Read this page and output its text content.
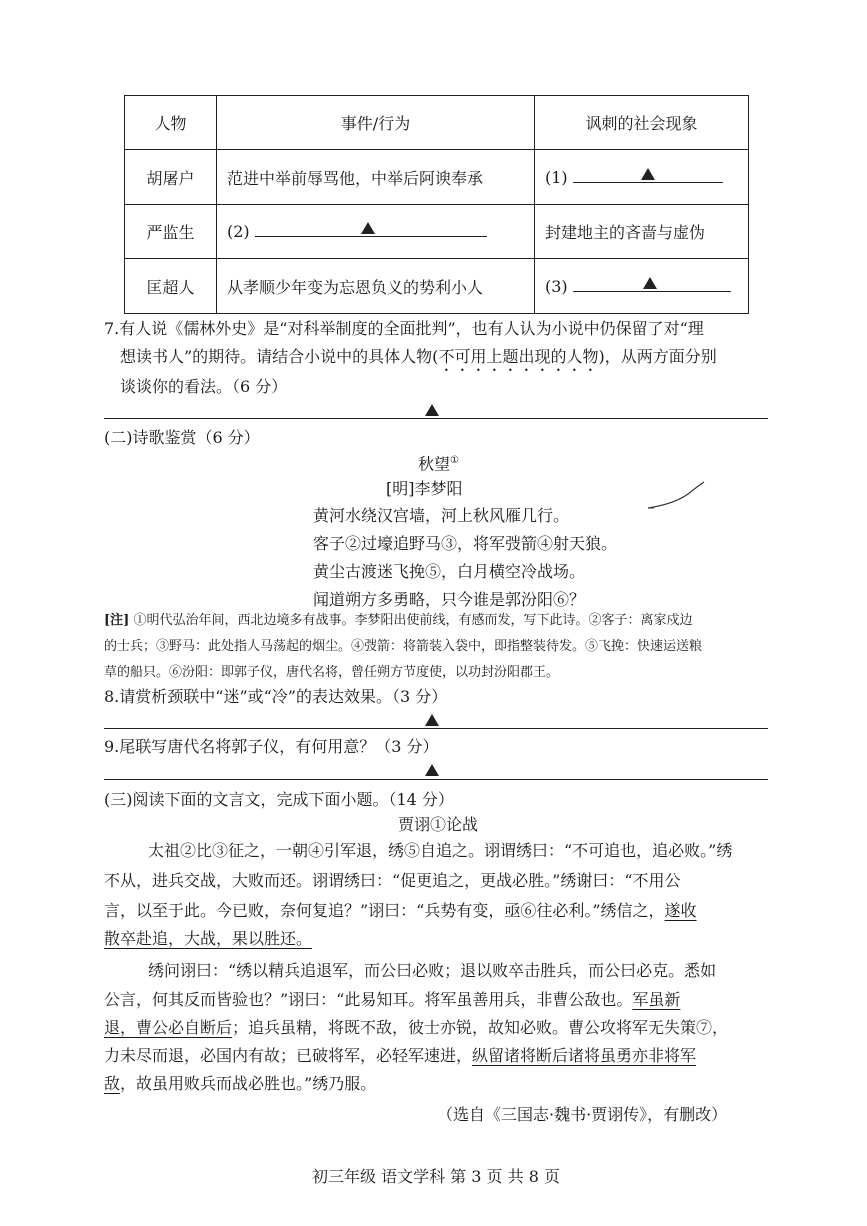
人物	事件/行为	讽刺的社会现象
胡屠户	范进中举前辱骂他，中举后阿谀奉承	(1)

严监生	(2)	封建地主的吝啬与虚伪
匡超人	从孝顺少年变为忘恩负义的势利小人	(3)
7.有人说《儒林外史》是“对科举制度的全面批判”，也有人认为小说中仍保留了对“理
想读书人”的期待。请结合小说中的具体人物(不可用上题出现的人物)，从两方面分别
谈谈你的看法。（6 分）
(二)诗歌鉴赏（6 分）
秋望①
[明]李梦阳
黄河水绕汉宫墙，河上秋风雁几行。
客子②过壕追野马③，将军弢箭④射天狼。
黄尘古渡迷飞挽⑤，白月横空冷战场。
闻道朔方多勇略，只今谁是郭汾阳⑥？
[注] ①明代弘治年间，西北边境多有战事。李梦阳出使前线，有感而发，写下此诗。②客子：离家戍边
的士兵；③野马：此处指人马荡起的烟尘。④弢箭：将箭装入袋中，即指整装待发。⑤飞挽：快速运送粮
草的船只。⑥汾阳：即郭子仪，唐代名将，曾任朔方节度使，以功封汾阳郡王。
8.请赏析颈联中“迷”或“冷”的表达效果。（3 分）
9.尾联写唐代名将郭子仪，有何用意？（3 分）
(三)阅读下面的文言文，完成下面小题。（14 分）
贾诩①论战
太祖②比③征之，一朝④引军退，绣⑤自追之。诩谓绣曰：“不可追也，追必败。”绣
不从，进兵交战，大败而还。诩谓绣曰：“促更追之，更战必胜。”绣谢曰：“不用公
言，以至于此。今已败，奈何复追？”诩曰：“兵势有变，亟⑥往必利。”绣信之，遂收
散卒赴追，大战，果以胜还。
绣问诩曰：“绣以精兵追退军，而公曰必败；退以败卒击胜兵，而公曰必克。悉如
公言，何其反而皆验也？”诩曰：“此易知耳。将军虽善用兵，非曹公敌也。军虽新
退，曹公必自断后；追兵虽精，将既不敌，彼士亦锐，故知必败。曹公攻将军无失策⑦，
力未尽而退，必国内有故；已破将军，必轻军速进，纵留诸将断后诸将虽勇亦非将军
敌，故虽用败兵而战必胜也。”绣乃服。
（选自《三国志·魏书·贾诩传》，有删改）
初三年级 语文学科 第 3 页 共 8 页
